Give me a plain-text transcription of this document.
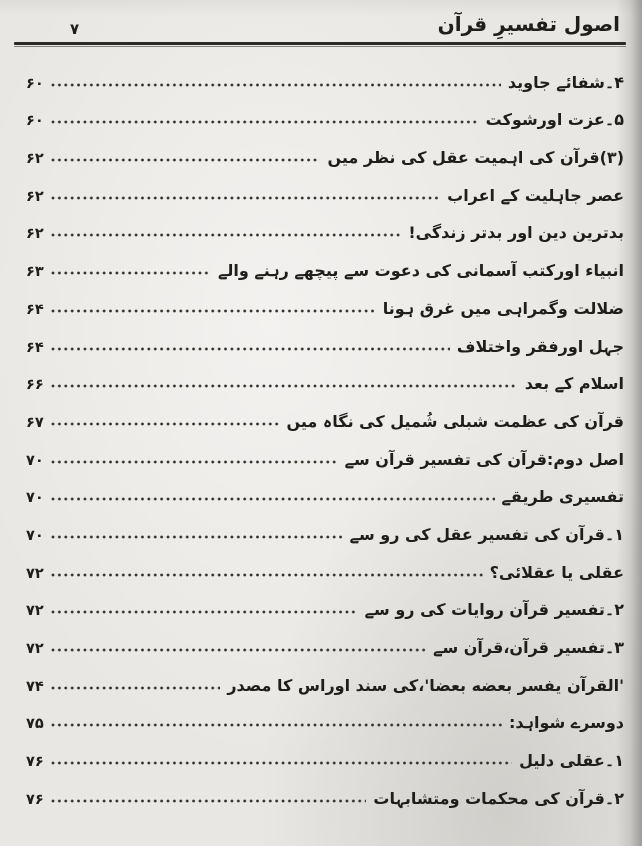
۷	اصول تفسیرِ قرآن
۴۔شفائے جاوید
۶۰
۵۔عزت اورشوکت
۶۰
(۳)قرآن کی اہمیت عقل کی نظر میں
۶۲
عصر جاہلیت کے اعراب
۶۲
بدترین دین اور بدتر زندگی!
۶۲
انبیاء اورکتب آسمانی کی دعوت سے پیچھے رہنے والے
۶۳
ضلالت وگمراہی میں غرق ہونا
۶۴
جہل اورفقر واختلاف
۶۴
اسلام کے بعد
۶۶
قرآن کی عظمت شبلی شُمیل کی نگاہ میں
۶۷
اصل دوم:قرآن کی تفسیر قرآن سے
۷۰
تفسیری طریقے
۷۰
۱۔قرآن کی تفسیر عقل کی رو سے
۷۰
عقلی یا عقلائی؟
۷۲
۲۔تفسیر قرآن روایات کی رو سے
۷۲
۳۔تفسیر قرآن،قرآن سے
۷۲
'القرآن یفسر بعضه بعضا'،کی سند اوراس کا مصدر
۷۴
دوسرے شواہد:
۷۵
۱۔عقلی دلیل
۷۶
۲۔قرآن کی محکمات ومتشابہات
۷۶
